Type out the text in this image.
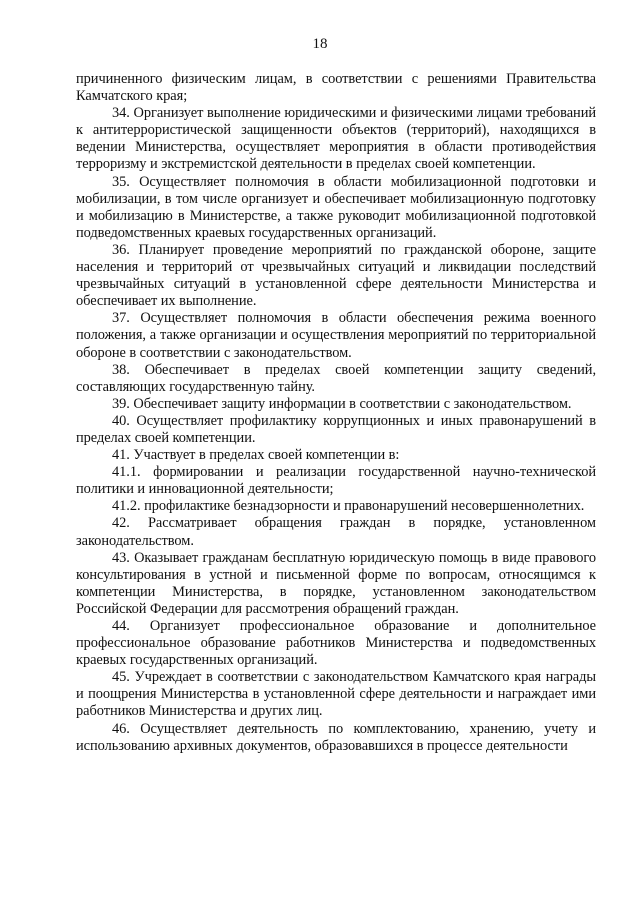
18

причиненного физическим лицам, в соответствии с решениями Правительства Камчатского края;

34. Организует выполнение юридическими и физическими лицами требований к антитеррористической защищенности объектов (территорий), находящихся в ведении Министерства, осуществляет мероприятия в области противодействия терроризму и экстремистской деятельности в пределах своей компетенции.

35. Осуществляет полномочия в области мобилизационной подготовки и мобилизации, в том числе организует и обеспечивает мобилизационную подготовку и мобилизацию в Министерстве, а также руководит мобилизационной подготовкой подведомственных краевых государственных организаций.

36. Планирует проведение мероприятий по гражданской обороне, защите населения и территорий от чрезвычайных ситуаций и ликвидации последствий чрезвычайных ситуаций в установленной сфере деятельности Министерства и обеспечивает их выполнение.

37. Осуществляет полномочия в области обеспечения режима военного положения, а также организации и осуществления мероприятий по территориальной обороне в соответствии с законодательством.

38. Обеспечивает в пределах своей компетенции защиту сведений, составляющих государственную тайну.

39. Обеспечивает защиту информации в соответствии с законодательством.

40. Осуществляет профилактику коррупционных и иных правонарушений в пределах своей компетенции.

41. Участвует в пределах своей компетенции в:

41.1. формировании и реализации государственной научно-технической политики и инновационной деятельности;

41.2. профилактике безнадзорности и правонарушений несовершеннолетних.

42. Рассматривает обращения граждан в порядке, установленном законодательством.

43. Оказывает гражданам бесплатную юридическую помощь в виде правового консультирования в устной и письменной форме по вопросам, относящимся к компетенции Министерства, в порядке, установленном законодательством Российской Федерации для рассмотрения обращений граждан.

44. Организует профессиональное образование и дополнительное профессиональное образование работников Министерства и подведомственных краевых государственных организаций.

45. Учреждает в соответствии с законодательством Камчатского края награды и поощрения Министерства в установленной сфере деятельности и награждает ими работников Министерства и других лиц.

46. Осуществляет деятельность по комплектованию, хранению, учету и использованию архивных документов, образовавшихся в процессе деятельности
